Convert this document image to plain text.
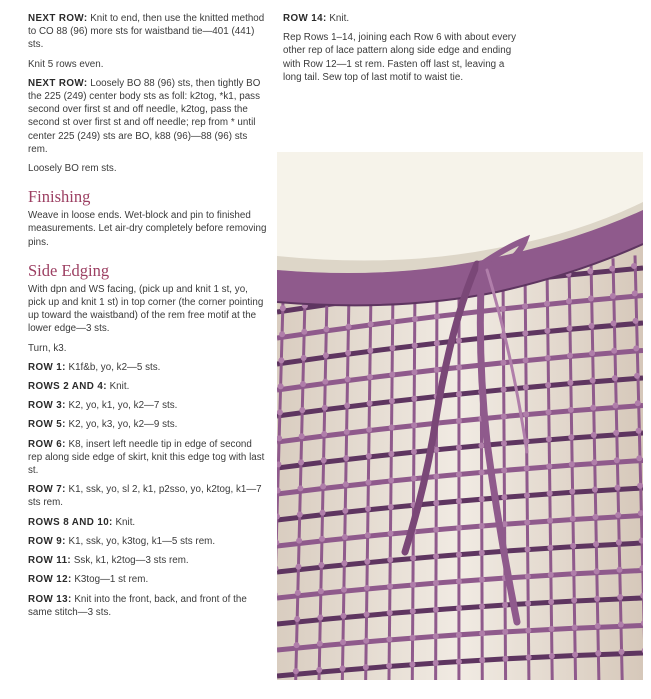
NEXT ROW: Knit to end, then use the knitted method to CO 88 (96) more sts for waistband tie—401 (441) sts.

Knit 5 rows even.

NEXT ROW: Loosely BO 88 (96) sts, then tightly BO the 225 (249) center body sts as foll: k2tog, *k1, pass second over first st and off needle, k2tog, pass the second st over first st and off needle; rep from * until center 225 (249) sts are BO, k88 (96)—88 (96) sts rem.

Loosely BO rem sts.

Finishing

Weave in loose ends. Wet-block and pin to finished measurements. Let air-dry completely before removing pins.

Side Edging

With dpn and WS facing, (pick up and knit 1 st, yo, pick up and knit 1 st) in top corner (the corner pointing up toward the waistband) of the rem free motif at the lower edge—3 sts.

Turn, k3.

ROW 1: K1f&b, yo, k2—5 sts.

ROWS 2 AND 4: Knit.

ROW 3: K2, yo, k1, yo, k2—7 sts.

ROW 5: K2, yo, k3, yo, k2—9 sts.

ROW 6: K8, insert left needle tip in edge of second rep along side edge of skirt, knit this edge tog with last st.

ROW 7: K1, ssk, yo, sl 2, k1, p2sso, yo, k2tog, k1—7 sts rem.

ROWS 8 AND 10: Knit.

ROW 9: K1, ssk, yo, k3tog, k1—5 sts rem.

ROW 11: Ssk, k1, k2tog—3 sts rem.

ROW 12: K3tog—1 st rem.

ROW 13: Knit into the front, back, and front of the same stitch—3 sts.

ROW 14: Knit.

Rep Rows 1–14, joining each Row 6 with about every other rep of lace pattern along side edge and ending with Row 12—1 st rem. Fasten off last st, leaving a long tail. Sew top of last motif to waist tie.
